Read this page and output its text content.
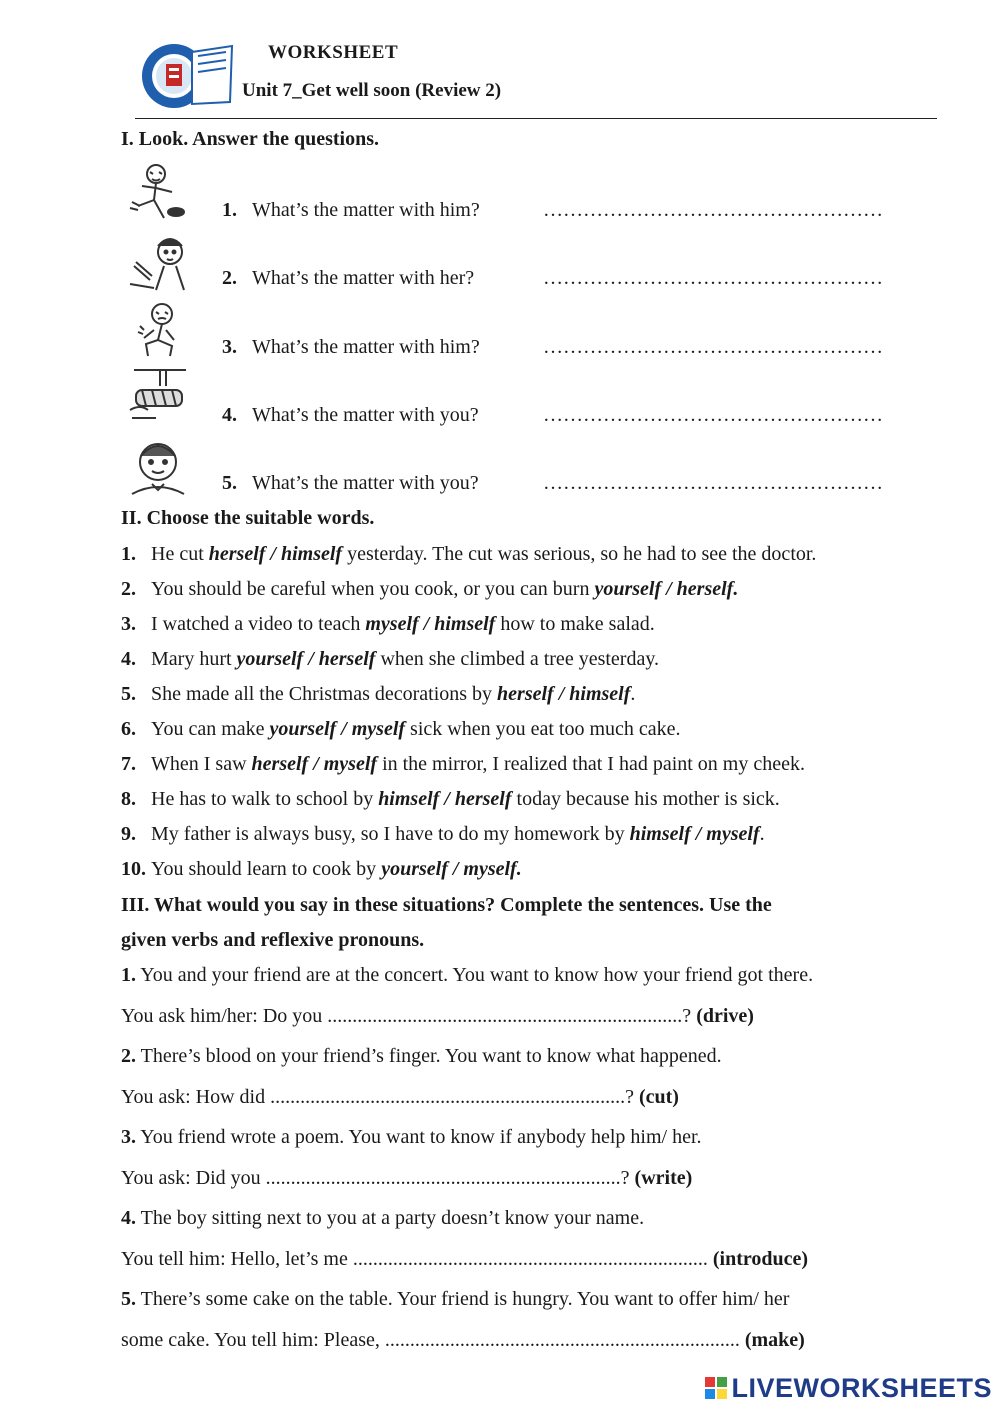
WORKSHEET
Unit 7_Get well soon (Review 2)
I. Look. Answer the questions.
1. What’s the matter with him?	……………………………………………
2. What’s the matter with her?	……………………………………………
3. What’s the matter with him?	……………………………………………
4. What’s the matter with you?	……………………………………………
5. What’s the matter with you?	……………………………………………
II. Choose the suitable words.
1. He cut herself / himself yesterday. The cut was serious, so he had to see the doctor.
2. You should be careful when you cook, or you can burn yourself / herself.
3. I watched a video to teach myself / himself how to make salad.
4. Mary hurt yourself / herself when she climbed a tree yesterday.
5. She made all the Christmas decorations by herself / himself.
6. You can make yourself / myself sick when you eat too much cake.
7. When I saw herself / myself in the mirror, I realized that I had paint on my cheek.
8. He has to walk to school by himself / herself today because his mother is sick.
9. My father is always busy, so I have to do my homework by himself / myself.
10. You should learn to cook by yourself / myself.
III. What would you say in these situations? Complete the sentences. Use the
given verbs and reflexive pronouns.
1. You and your friend are at the concert. You want to know how your friend got there.
You ask him/her: Do you .......................................................................? (drive)
2. There’s blood on your friend’s finger. You want to know what happened.
You ask: How did .......................................................................? (cut)
3. You friend wrote a poem. You want to know if anybody help him/ her.
You ask: Did you .......................................................................? (write)
4. The boy sitting next to you at a party doesn’t know your name.
You tell him: Hello, let’s me ....................................................................... (introduce)
5. There’s some cake on the table. Your friend is hungry. You want to offer him/ her
some cake. You tell him: Please, ....................................................................... (make)
LIVEWORKSHEETS
